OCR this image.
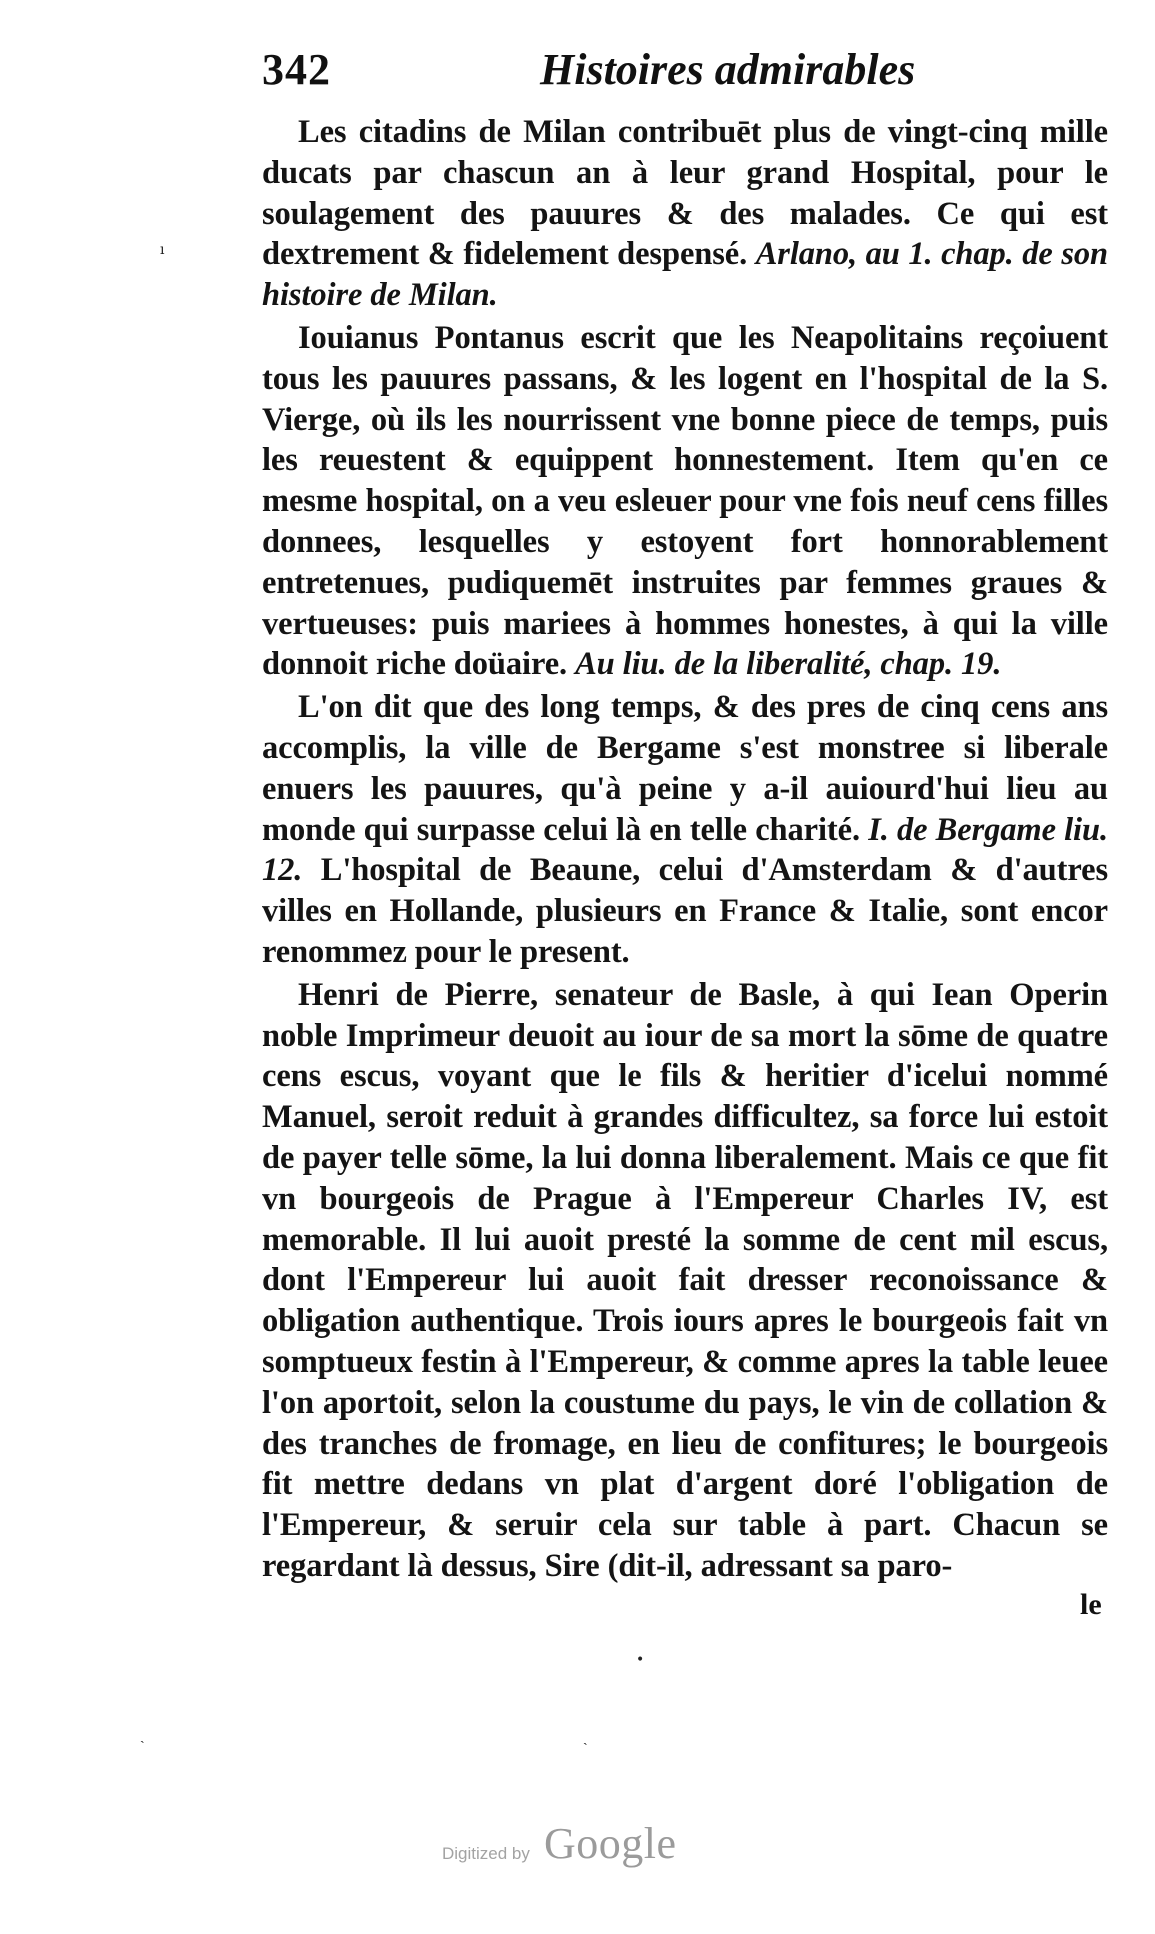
342	Histoires admirables

Les citadins de Milan contribuēt plus de vingt-cinq mille ducats par chascun an à leur grand Hospital, pour le soulagement des pauures & des malades. Ce qui est dextrement & fidelement despensé. Arlano, au 1. chap. de son histoire de Milan.

Iouianus Pontanus escrit que les Neapolitains reçoiuent tous les pauures passans, & les logent en l'hospital de la S. Vierge, où ils les nourrissent vne bonne piece de temps, puis les reuestent & equippent honnestement. Item qu'en ce mesme hospital, on a veu esleuer pour vne fois neuf cens filles donnees, lesquelles y estoyent fort honnorablement entretenues, pudiquemēt instruites par femmes graues & vertueuses: puis mariees à hommes honestes, à qui la ville donnoit riche doüaire. Au liu. de la liberalité, chap. 19.

L'on dit que des long temps, & des pres de cinq cens ans accomplis, la ville de Bergame s'est monstree si liberale enuers les pauures, qu'à peine y a-il auiourd'hui lieu au monde qui surpasse celui là en telle charité. I. de Bergame liu. 12. L'hospital de Beaune, celui d'Amsterdam & d'autres villes en Hollande, plusieurs en France & Italie, sont encor renommez pour le present.

Henri de Pierre, senateur de Basle, à qui Iean Operin noble Imprimeur deuoit au iour de sa mort la sōme de quatre cens escus, voyant que le fils & heritier d'icelui nommé Manuel, seroit reduit à grandes difficultez, sa force lui estoit de payer telle sōme, la lui donna liberalement. Mais ce que fit vn bourgeois de Prague à l'Empereur Charles IV, est memorable. Il lui auoit presté la somme de cent mil escus, dont l'Empereur lui auoit fait dresser reconoissance & obligation authentique. Trois iours apres le bourgeois fait vn somptueux festin à l'Empereur, & comme apres la table leuee l'on aportoit, selon la coustume du pays, le vin de collation & des tranches de fromage, en lieu de confitures; le bourgeois fit mettre dedans vn plat d'argent doré l'obligation de l'Empereur, & seruir cela sur table à part. Chacun se regardant là dessus, Sire (dit-il, adressant sa paro-

le
ı
•
ˎ	ˏ
Digitized by Google
